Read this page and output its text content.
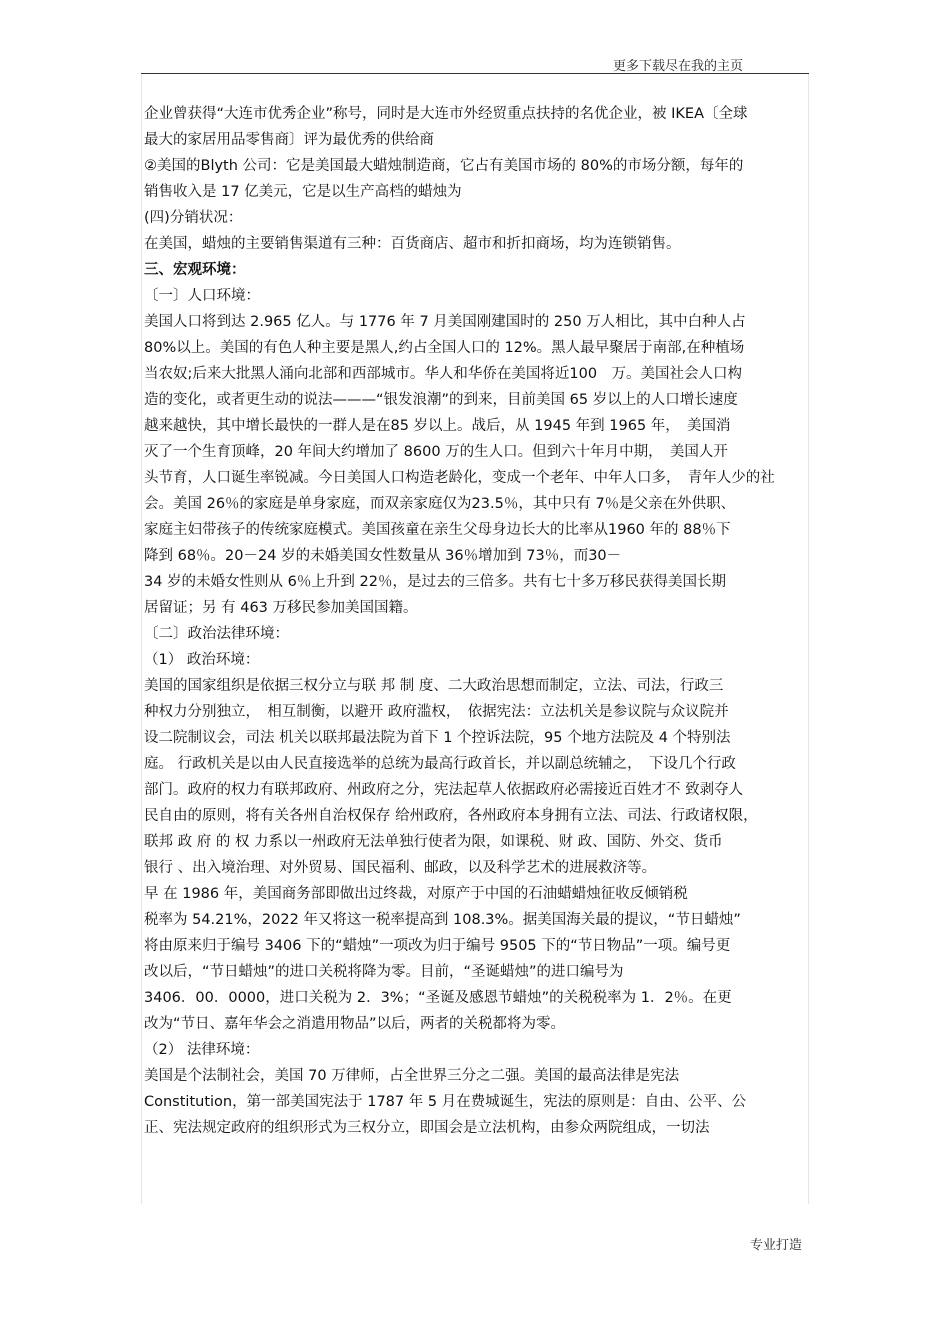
更多下载尽在我的主页

企业曾获得“大连市优秀企业”称号，同时是大连市外经贸重点扶持的名优企业，被 IKEA〔全球

最大的家居用品零售商〕评为最优秀的供给商

②美国的Blyth 公司：它是美国最大蜡烛制造商，它占有美国市场的 80%的市场分额，每年的

销售收入是 17 亿美元，它是以生产高档的蜡烛为

(四)分销状况：

在美国，蜡烛的主要销售渠道有三种：百货商店、超市和折扣商场，均为连锁销售。

三、宏观环境：

〔一〕人口环境：

美国人口将到达 2.965 亿人。与 1776 年 7 月美国刚建国时的 250 万人相比，其中白种人占

80%以上。美国的有色人种主要是黑人,约占全国人口的 12%。黑人最早聚居于南部,在种植场

当农奴;后来大批黑人涌向北部和西部城市。华人和华侨在美国将近100　万。美国社会人口构

造的变化，或者更生动的说法———“银发浪潮”的到来，目前美国 65 岁以上的人口增长速度

越来越快，其中增长最快的一群人是在85 岁以上。战后，从 1945 年到 1965 年，　美国消

灭了一个生育顶峰，20 年间大约增加了 8600 万的生人口。但到六十年月中期，　美国人开

头节育，人口诞生率锐减。今日美国人口构造老龄化，变成一个老年、中年人口多，　青年人少的社

会。美国 26％的家庭是单身家庭，而双亲家庭仅为23.5％，其中只有 7％是父亲在外供职、

家庭主妇带孩子的传统家庭模式。美国孩童在亲生父母身边长大的比率从1960 年的 88％下

降到 68％。20－24 岁的未婚美国女性数量从 36％增加到 73％，而30－

34 岁的未婚女性则从 6％上升到 22％，是过去的三倍多。共有七十多万移民获得美国长期

居留证；另 有 463 万移民参加美国国籍。

〔二〕政治法律环境：

（1） 政治环境：

美国的国家组织是依据三权分立与联 邦 制 度、二大政治思想而制定，立法、司法，行政三

种权力分别独立，　相互制衡，以避开 政府滥权，　依据宪法：立法机关是参议院与众议院并

设二院制议会，司法 机关以联邦最法院为首下 1 个控诉法院，95 个地方法院及 4 个特别法

庭。 行政机关是以由人民直接选举的总统为最高行政首长，并以副总统辅之，　下设几个行政

部门。政府的权力有联邦政府、州政府之分，宪法起草人依据政府必需接近百姓才不 致剥夺人

民自由的原则，将有关各州自治权保存 给州政府，各州政府本身拥有立法、司法、行政诸权限，

联邦 政 府 的 权 力系以一州政府无法单独行使者为限，如课税、财 政、国防、外交、货币

银行 、出入境治理、对外贸易、国民福利、邮政，以及科学艺术的进展救济等。

早 在 1986 年，美国商务部即做出过终裁，对原产于中国的石油蜡蜡烛征收反倾销税

税率为 54.21%，2022 年又将这一税率提高到 108.3%。据美国海关最的提议，“节日蜡烛”

将由原来归于编号 3406 下的“蜡烛”一项改为归于编号 9505 下的“节日物品”一项。编号更

改以后，“节日蜡烛”的进口关税将降为零。目前，“圣诞蜡烛”的进口编号为

3406．00．0000，进口关税为 2．3%；“圣诞及感恩节蜡烛”的关税税率为 1．2％。在更

改为“节日、嘉年华会之消遣用物品”以后，两者的关税都将为零。

（2） 法律环境：

美国是个法制社会，美国 70 万律师，占全世界三分之二强。美国的最高法律是宪法

Constitution，第一部美国宪法于 1787 年 5 月在费城诞生，宪法的原则是：自由、公平、公

正、宪法规定政府的组织形式为三权分立，即国会是立法机构，由参众两院组成，一切法

专业打造
